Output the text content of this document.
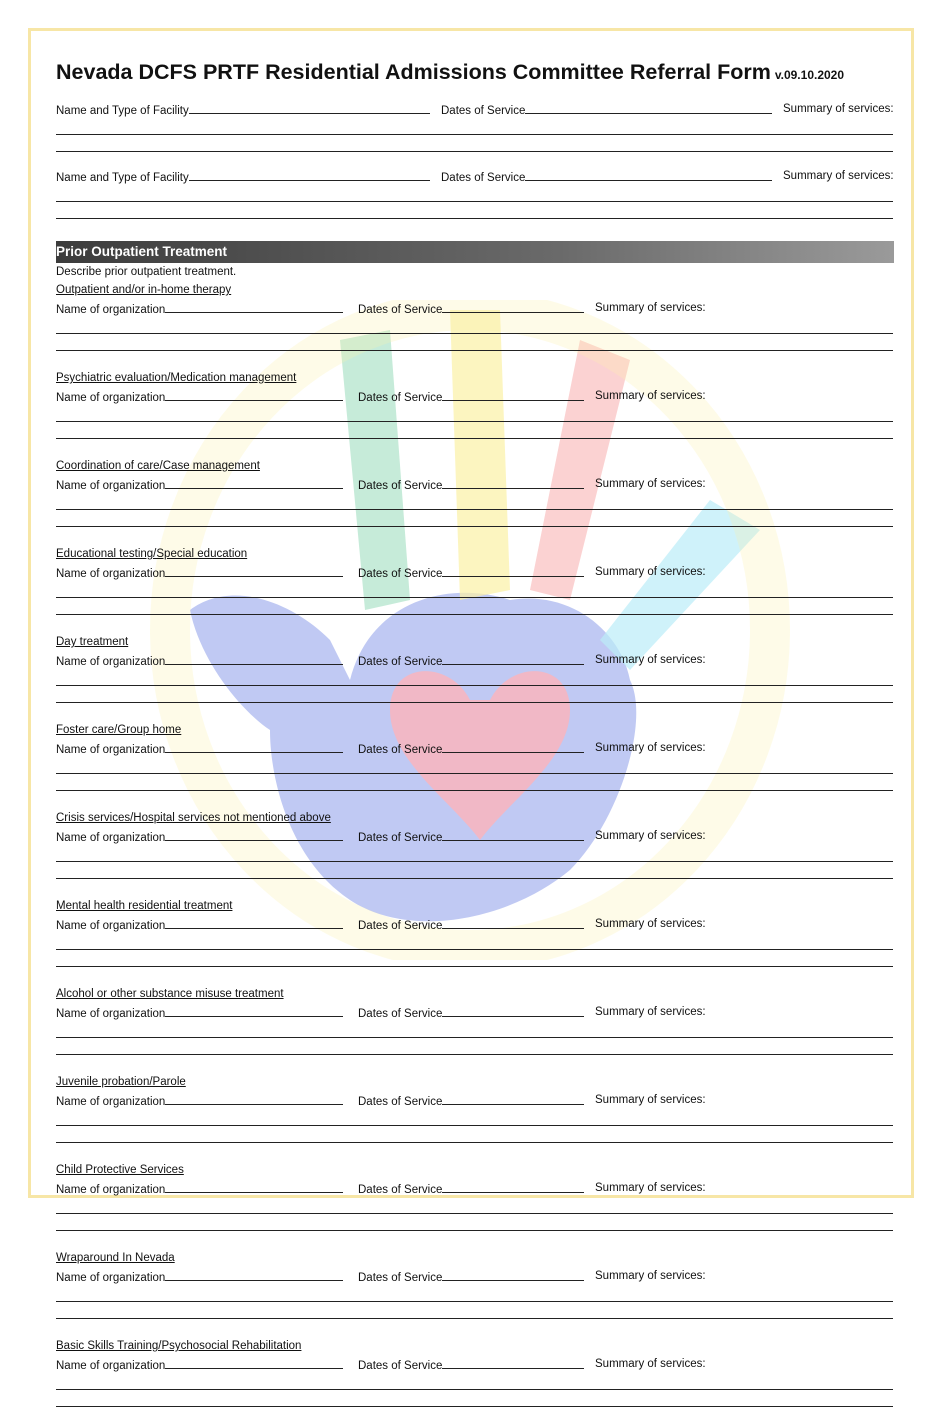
Nevada DCFS PRTF Residential Admissions Committee Referral Form v.09.10.2020
Name and Type of Facility	Dates of Service	Summary of services:
Name and Type of Facility	Dates of Service	Summary of services:
Prior Outpatient Treatment
Describe prior outpatient treatment.
Outpatient and/or in-home therapy
Name of organization	Dates of Service	Summary of services:
Psychiatric evaluation/Medication management
Name of organization	Dates of Service	Summary of services:
Coordination of care/Case management
Name of organization	Dates of Service	Summary of services:
Educational testing/Special education
Name of organization	Dates of Service	Summary of services:
Day treatment
Name of organization	Dates of Service	Summary of services:
Foster care/Group home
Name of organization	Dates of Service	Summary of services:
Crisis services/Hospital services not mentioned above
Name of organization	Dates of Service	Summary of services:
Mental health residential treatment
Name of organization	Dates of Service	Summary of services:
Alcohol or other substance misuse treatment
Name of organization	Dates of Service	Summary of services:
Juvenile probation/Parole
Name of organization	Dates of Service	Summary of services:
Child Protective Services
Name of organization	Dates of Service	Summary of services:
Wraparound In Nevada
Name of organization	Dates of Service	Summary of services:
Basic Skills Training/Psychosocial Rehabilitation
Name of organization	Dates of Service	Summary of services:
